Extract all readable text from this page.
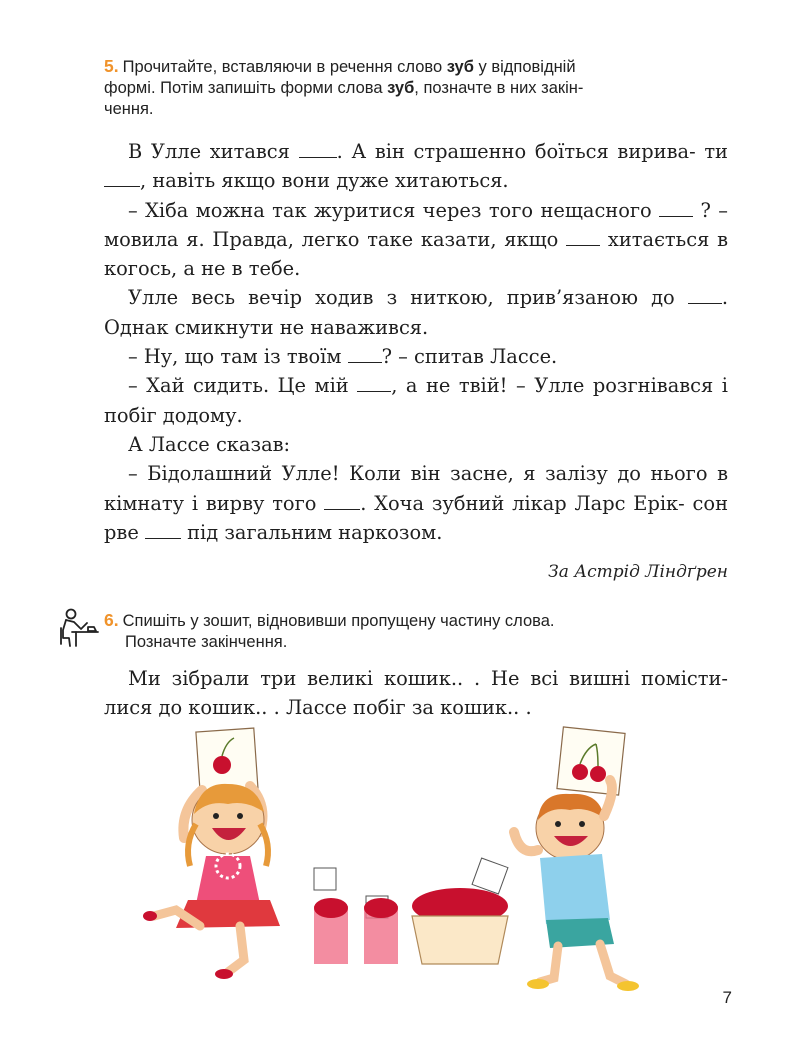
5. Прочитайте, вставляючи в речення слово зуб у відповідній
формі. Потім запишіть форми слова зуб, позначте в них закін-
чення.

В Улле хитався . А він страшенно боїться вирива- ти , навіть якщо вони дуже хитаються.

– Хіба можна так журитися через того нещасного  ? – мовила я. Правда, легко таке казати, якщо  хитається в когось, а не в тебе.

Улле весь вечір ходив з ниткою, прив’язаною до . Однак смикнути не наважився.

– Ну, що там із твоїм ? – спитав Лассе.

– Хай сидить. Це мій , а не твій! – Улле розгнівався і побіг додому.

А Лассе сказав:

– Бідолашний Улле! Коли він засне, я залізу до нього в кімнату і вирву того . Хоча зубний лікар Ларс Ерік- сон рве  під загальним наркозом.

За Астрід Ліндґрен
6. Спишіть у зошит, відновивши пропущену частину слова.
Позначте закінчення.

Ми зібрали три великі кошик.. . Не всі вишні поміcти- лися до кошик.. . Лассе побіг за кошик.. .

7
